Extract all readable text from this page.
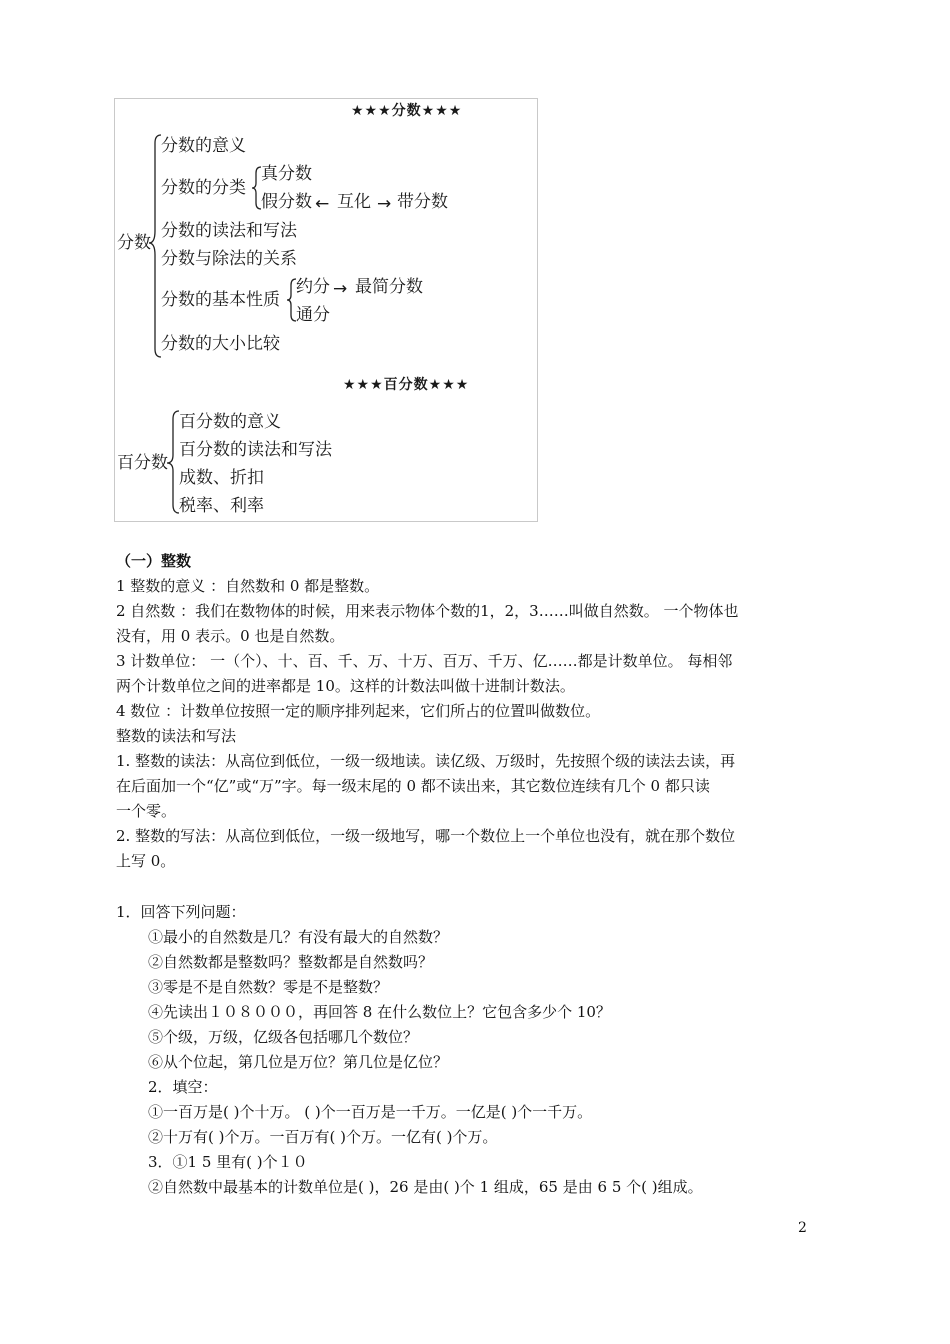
★★★分数★★★
分数
分数的意义
分数的分类
真分数
假分数 ← 互化 → 带分数
分数的读法和写法
分数与除法的关系
分数的基本性质
约分 → 最简分数
通分
分数的大小比较
★★★百分数★★★
百分数
百分数的意义
百分数的读法和写法
成数、折扣
税率、利率
（一）整数
1 整数的意义 ：自然数和 0 都是整数。
2 自然数 ：我们在数物体的时候，用来表示物体个数的1，2，3……叫做自然数。 一个物体也
没有，用 0 表示。0 也是自然数。
3 计数单位： 一（个）、十、百、千、万、十万、百万、千万、亿……都是计数单位。 每相邻
两个计数单位之间的进率都是 10。这样的计数法叫做十进制计数法。
4 数位 ：计数单位按照一定的顺序排列起来，它们所占的位置叫做数位。
整数的读法和写法
1. 整数的读法：从高位到低位，一级一级地读。读亿级、万级时，先按照个级的读法去读，再
在后面加一个“亿”或“万”字。每一级末尾的 0 都不读出来，其它数位连续有几个 0 都只读
一个零。
2. 整数的写法：从高位到低位，一级一级地写，哪一个数位上一个单位也没有，就在那个数位
上写 0。
1．回答下列问题：
①最小的自然数是几？有没有最大的自然数？
②自然数都是整数吗？整数都是自然数吗？
③零是不是自然数？零是不是整数？
④先读出１０８０００，再回答 8 在什么数位上？它包含多少个 10？
⑤个级，万级，亿级各包括哪几个数位？
⑥从个位起，第几位是万位？第几位是亿位？
2．填空：
①一百万是( )个十万。 ( )个一百万是一千万。一亿是( )个一千万。
②十万有( )个万。一百万有( )个万。一亿有( )个万。
3．①1 5 里有( )个１０
②自然数中最基本的计数单位是( )，26 是由( )个 1 组成，65 是由 6 5 个( )组成。
2
